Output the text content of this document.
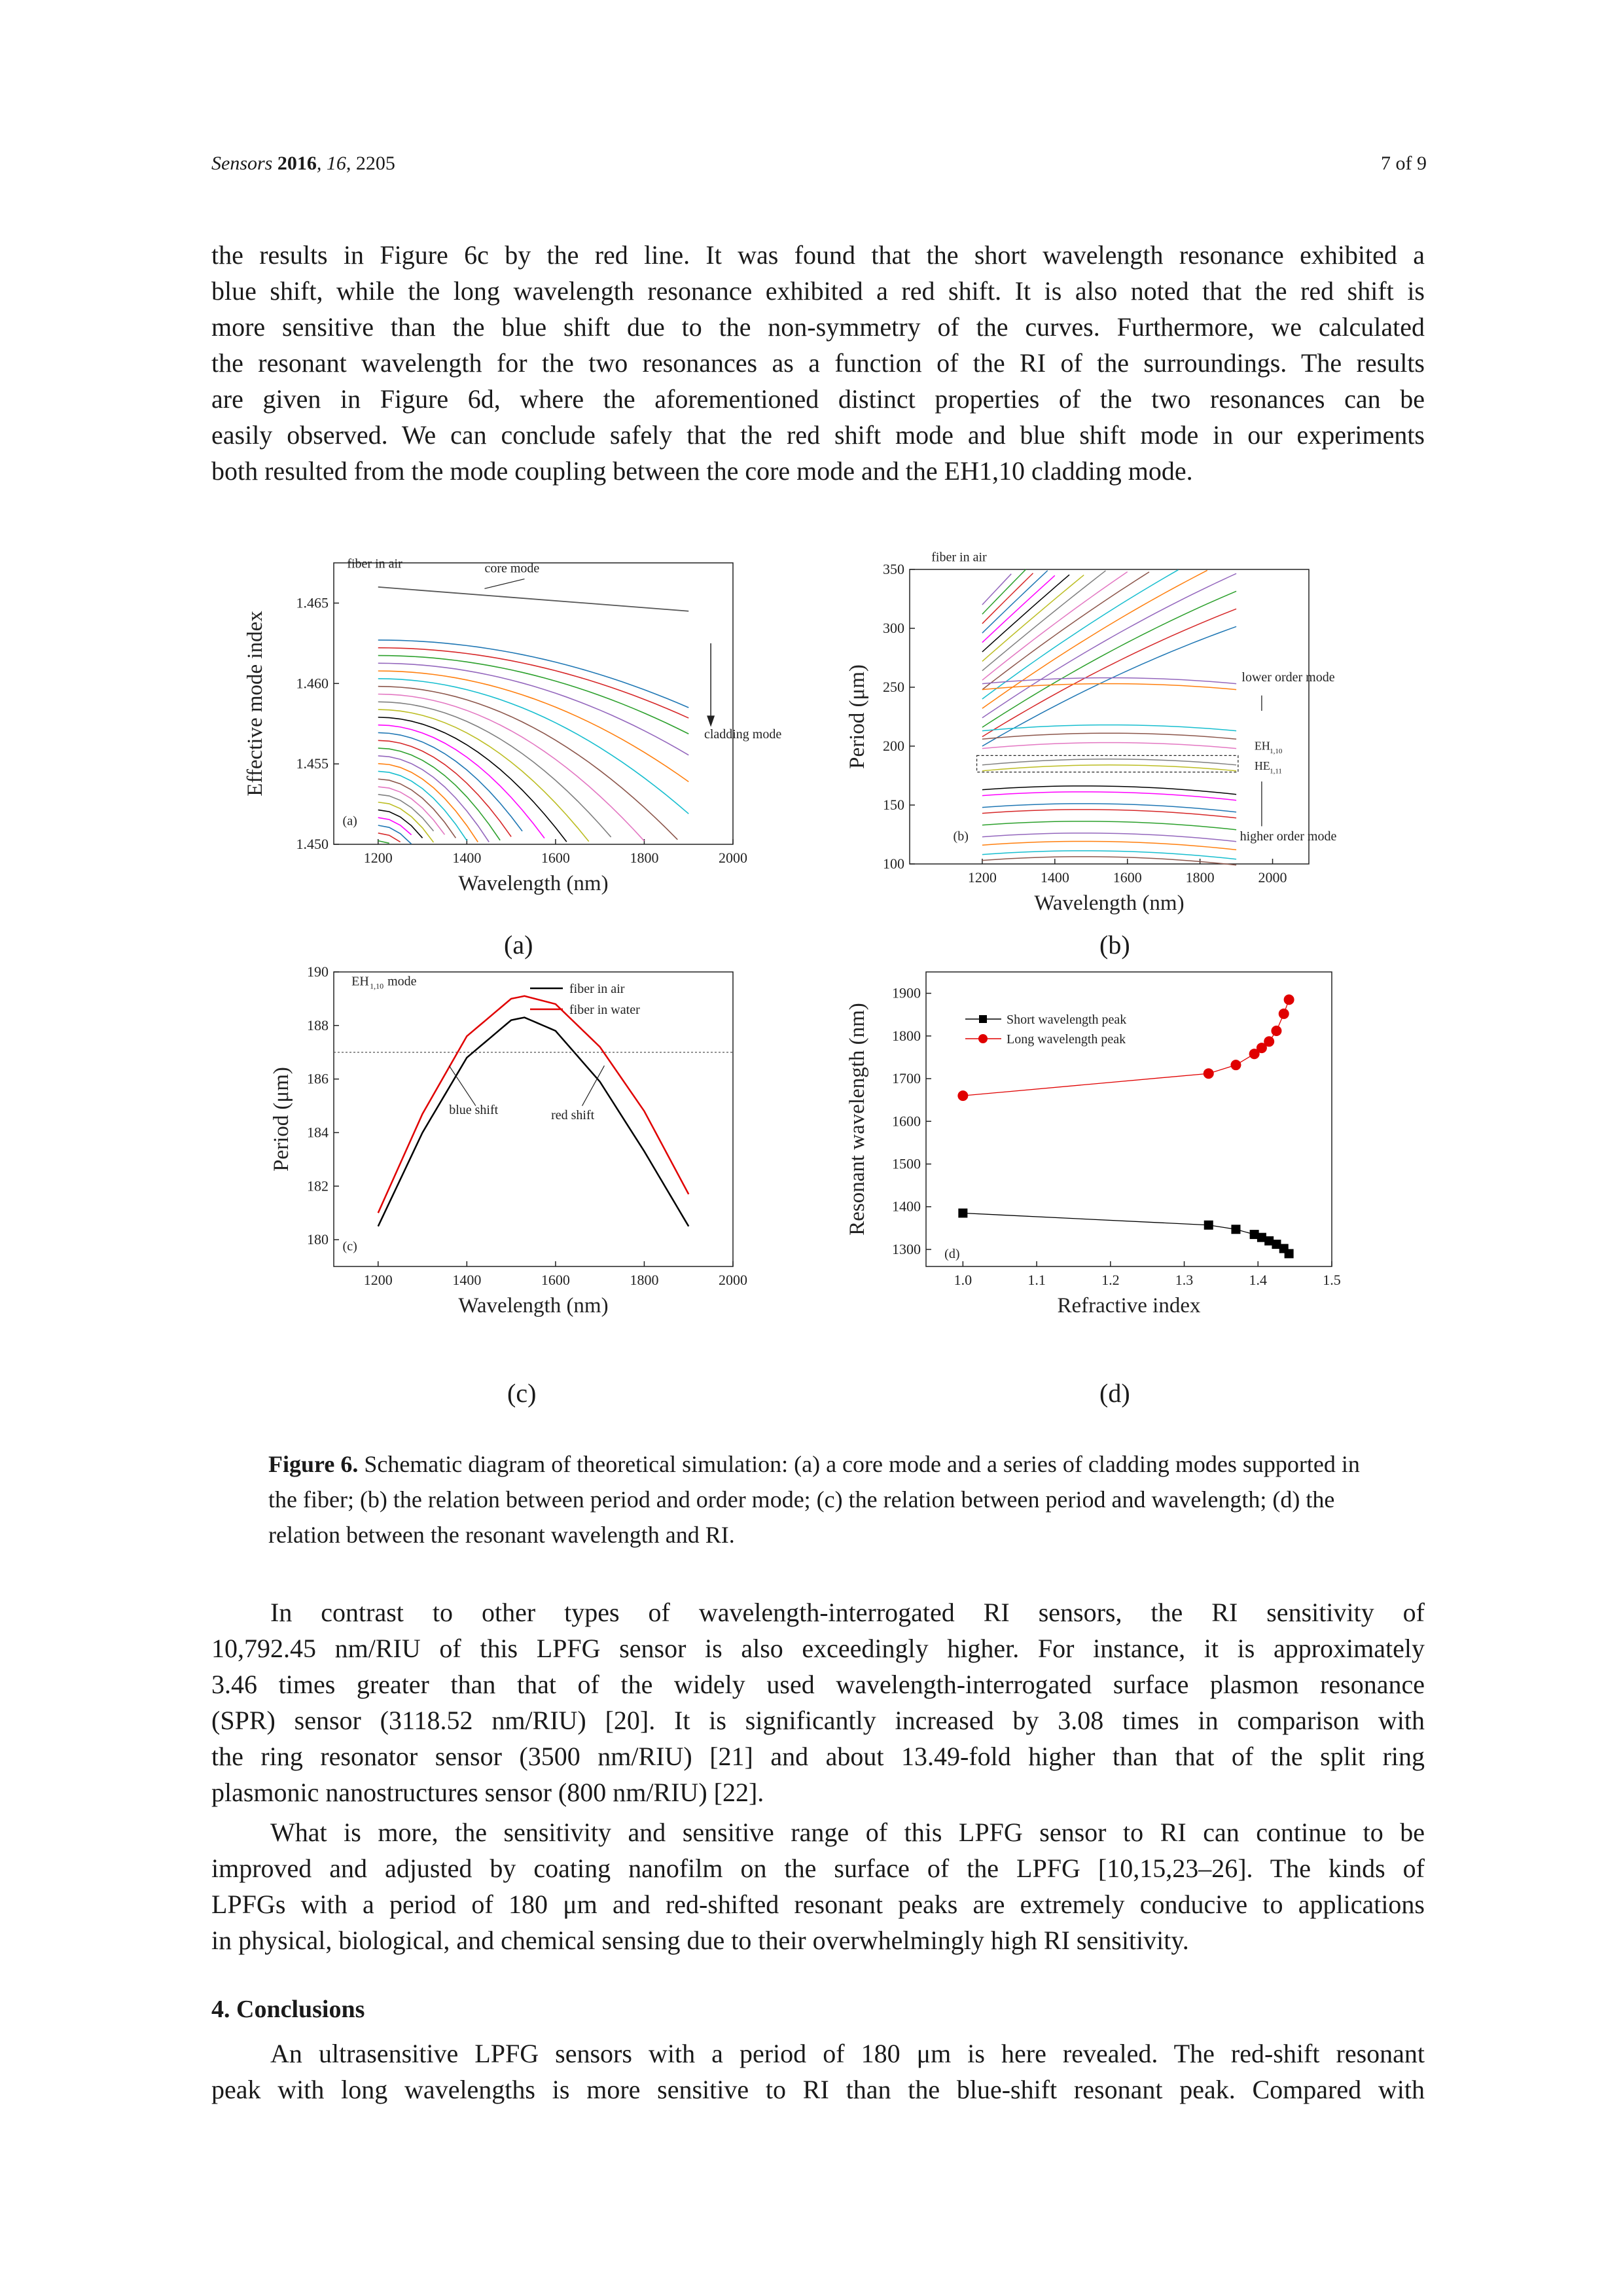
Sensors 2016, 16, 2205	7 of 9
the results in Figure 6c by the red line. It was found that the short wavelength resonance exhibited a
blue shift, while the long wavelength resonance exhibited a red shift. It is also noted that the red shift is
more sensitive than the blue shift due to the non-symmetry of the curves. Furthermore, we calculated
the resonant wavelength for the two resonances as a function of the RI of the surroundings. The results
are given in Figure 6d, where the aforementioned distinct properties of the two resonances can be
easily observed. We can conclude safely that the red shift mode and blue shift mode in our experiments
both resulted from the mode coupling between the core mode and the EH1,10 cladding mode.
1200	1400	1600	1800	2000
1.450
1.455
1.460
1.465
Wavelength (nm)
Effective mode index
fiber in air	core mode
cladding mode
(a)
(a)
1200	1400	1600	1800	2000
100
150
200
250
300
350
Wavelength (nm)
Period (μm)
fiber in air
lower order mode
EH 1,10
HE 1,11
higher order mode
(b)
(b)
1200	1400	1600	1800	2000
180
182
184
186
188
190
Wavelength (nm)
Period (μm)
fiber in air
fiber in water
EH 1,10 mode
blue shift	red shift
(c)
(c)
1.0	1.1	1.2	1.3	1.4	1.5
1300
1400
1500
1600
1700
1800
1900
Refractive index
Resonant wavelength (nm)	Short wavelength peak
Long wavelength peak
(d)
(d)
Figure 6. Schematic diagram of theoretical simulation: (a) a core mode and a series of cladding modes supported in the fiber; (b) the relation between period and order mode; (c) the relation between period and wavelength; (d) the relation between the resonant wavelength and RI.
In contrast to other types of wavelength-interrogated RI sensors, the RI sensitivity of
10,792.45 nm/RIU of this LPFG sensor is also exceedingly higher. For instance, it is approximately
3.46 times greater than that of the widely used wavelength-interrogated surface plasmon resonance
(SPR) sensor (3118.52 nm/RIU) [20]. It is significantly increased by 3.08 times in comparison with
the ring resonator sensor (3500 nm/RIU) [21] and about 13.49-fold higher than that of the split ring
plasmonic nanostructures sensor (800 nm/RIU) [22].
What is more, the sensitivity and sensitive range of this LPFG sensor to RI can continue to be
improved and adjusted by coating nanofilm on the surface of the LPFG [10,15,23–26]. The kinds of
LPFGs with a period of 180 μm and red-shifted resonant peaks are extremely conducive to applications
in physical, biological, and chemical sensing due to their overwhelmingly high RI sensitivity.
4. Conclusions
An ultrasensitive LPFG sensors with a period of 180 μm is here revealed. The red-shift resonant
peak with long wavelengths is more sensitive to RI than the blue-shift resonant peak. Compared with
